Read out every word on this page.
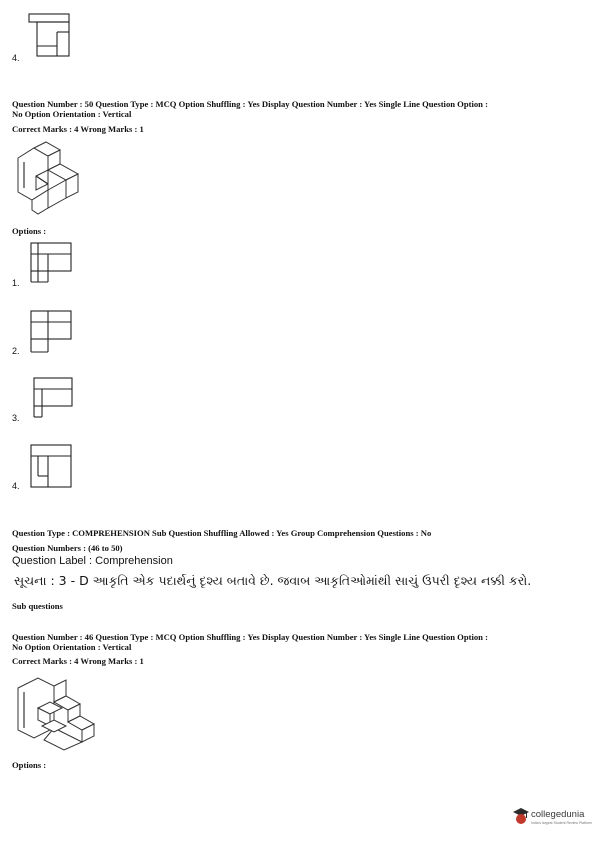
4.
Question Number : 50 Question Type : MCQ Option Shuffling : Yes Display Question Number : Yes Single Line Question Option :
No Option Orientation : Vertical
Correct Marks : 4 Wrong Marks : 1
Options :
1.
2.
3.
4.
Question Type : COMPREHENSION Sub Question Shuffling Allowed : Yes Group Comprehension Questions : No
Question Numbers : (46 to 50)
Question Label : Comprehension
સૂચના : 3 - D આકૃતિ એક પદાર્થનું દૃશ્ય બતાવે છે. જવાબ આકૃતિઓમાંથી સાચું ઉપરી દૃશ્ય નક્કી કરો.
Sub questions
Question Number : 46 Question Type : MCQ Option Shuffling : Yes Display Question Number : Yes Single Line Question Option :
No Option Orientation : Vertical
Correct Marks : 4 Wrong Marks : 1
Options :
collegedunia
India's largest Student Review Platform
